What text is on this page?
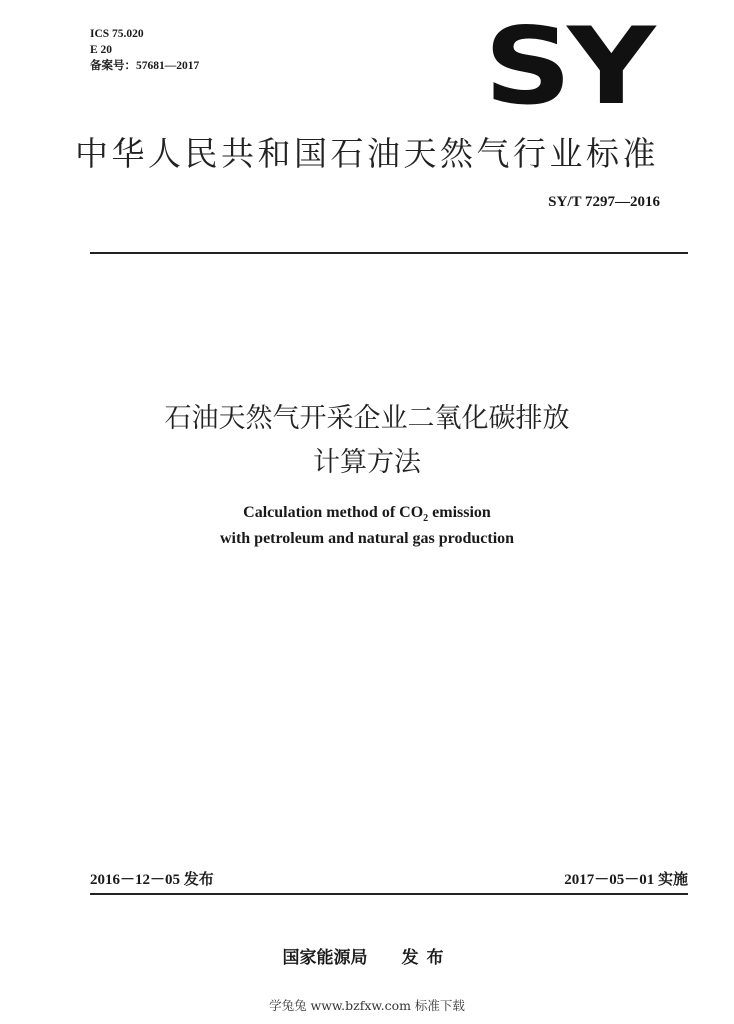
ICS 75.020
E 20
备案号：57681—2017	SY
中华人民共和国石油天然气行业标准
SY/T 7297—2016
石油天然气开采企业二氧化碳排放
计算方法
Calculation method of $CO_2$ emission
with petroleum and natural gas production
2016－12－05 发布	2017－05－01 实施
国家能源局 发布
学兔兔 www.bzfxw.com 标准下载
